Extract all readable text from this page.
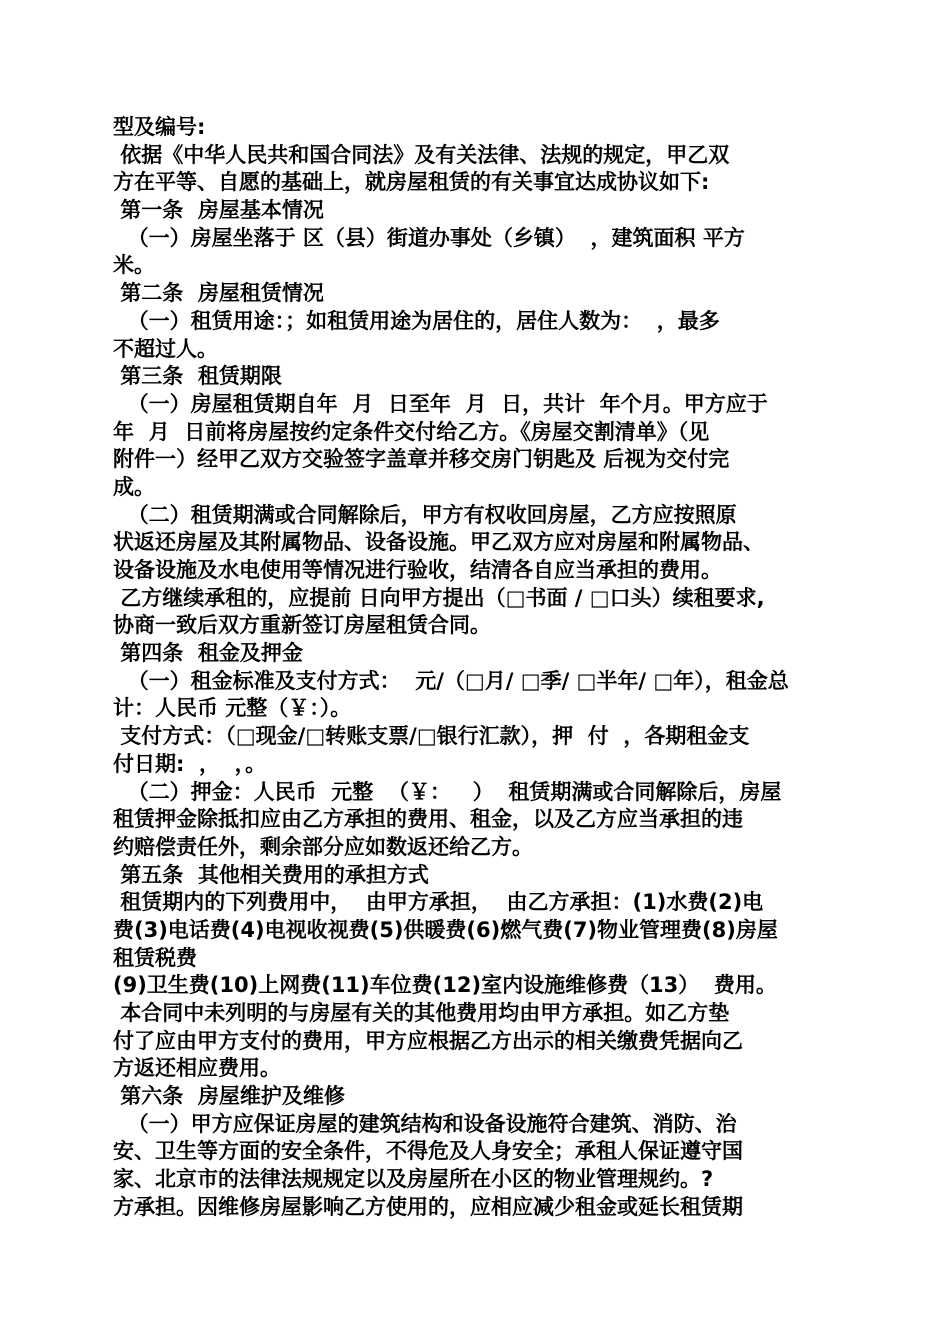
型及编号:
依据《中华人民共和国合同法》及有关法律、法规的规定，甲乙双
方在平等、自愿的基础上，就房屋租赁的有关事宜达成协议如下:
第一条  房屋基本情况
（一）房屋坐落于 区（县）街道办事处（乡镇）  ，建筑面积 平方
米。
第二条  房屋租赁情况
（一）租赁用途：；如租赁用途为居住的，居住人数为：  ，最多
不超过人。
第三条  租赁期限
（一）房屋租赁期自年  月  日至年  月  日，共计  年个月。甲方应于
年  月  日前将房屋按约定条件交付给乙方。《房屋交割清单》（见
附件一）经甲乙双方交验签字盖章并移交房门钥匙及 后视为交付完
成。
（二）租赁期满或合同解除后，甲方有权收回房屋，乙方应按照原
状返还房屋及其附属物品、设备设施。甲乙双方应对房屋和附属物品、
设备设施及水电使用等情况进行验收，结清各自应当承担的费用。
乙方继续承租的，应提前 日向甲方提出（□书面 / □口头）续租要求,
协商一致后双方重新签订房屋租赁合同。
第四条  租金及押金
（一）租金标准及支付方式：  元/（□月/ □季/ □半年/ □年），租金总
计：人民币 元整（￥：）。
支付方式：（□现金/□转账支票/□银行汇款），押  付  ，各期租金支
付日期:  ，  ，。
（二）押金：人民币  元整  （￥：   ）  租赁期满或合同解除后，房屋
租赁押金除抵扣应由乙方承担的费用、租金，以及乙方应当承担的违
约赔偿责任外，剩余部分应如数返还给乙方。
第五条  其他相关费用的承担方式
租赁期内的下列费用中，  由甲方承担，  由乙方承担：(1)水费(2)电
费(3)电话费(4)电视收视费(5)供暖费(6)燃气费(7)物业管理费(8)房屋
租赁税费
(9)卫生费(10)上网费(11)车位费(12)室内设施维修费（13）  费用。
本合同中未列明的与房屋有关的其他费用均由甲方承担。如乙方垫
付了应由甲方支付的费用，甲方应根据乙方出示的相关缴费凭据向乙
方返还相应费用。
第六条  房屋维护及维修
（一）甲方应保证房屋的建筑结构和设备设施符合建筑、消防、治
安、卫生等方面的安全条件，不得危及人身安全；承租人保证遵守国
家、北京市的法律法规规定以及房屋所在小区的物业管理规约。?
方承担。因维修房屋影响乙方使用的，应相应减少租金或延长租赁期
